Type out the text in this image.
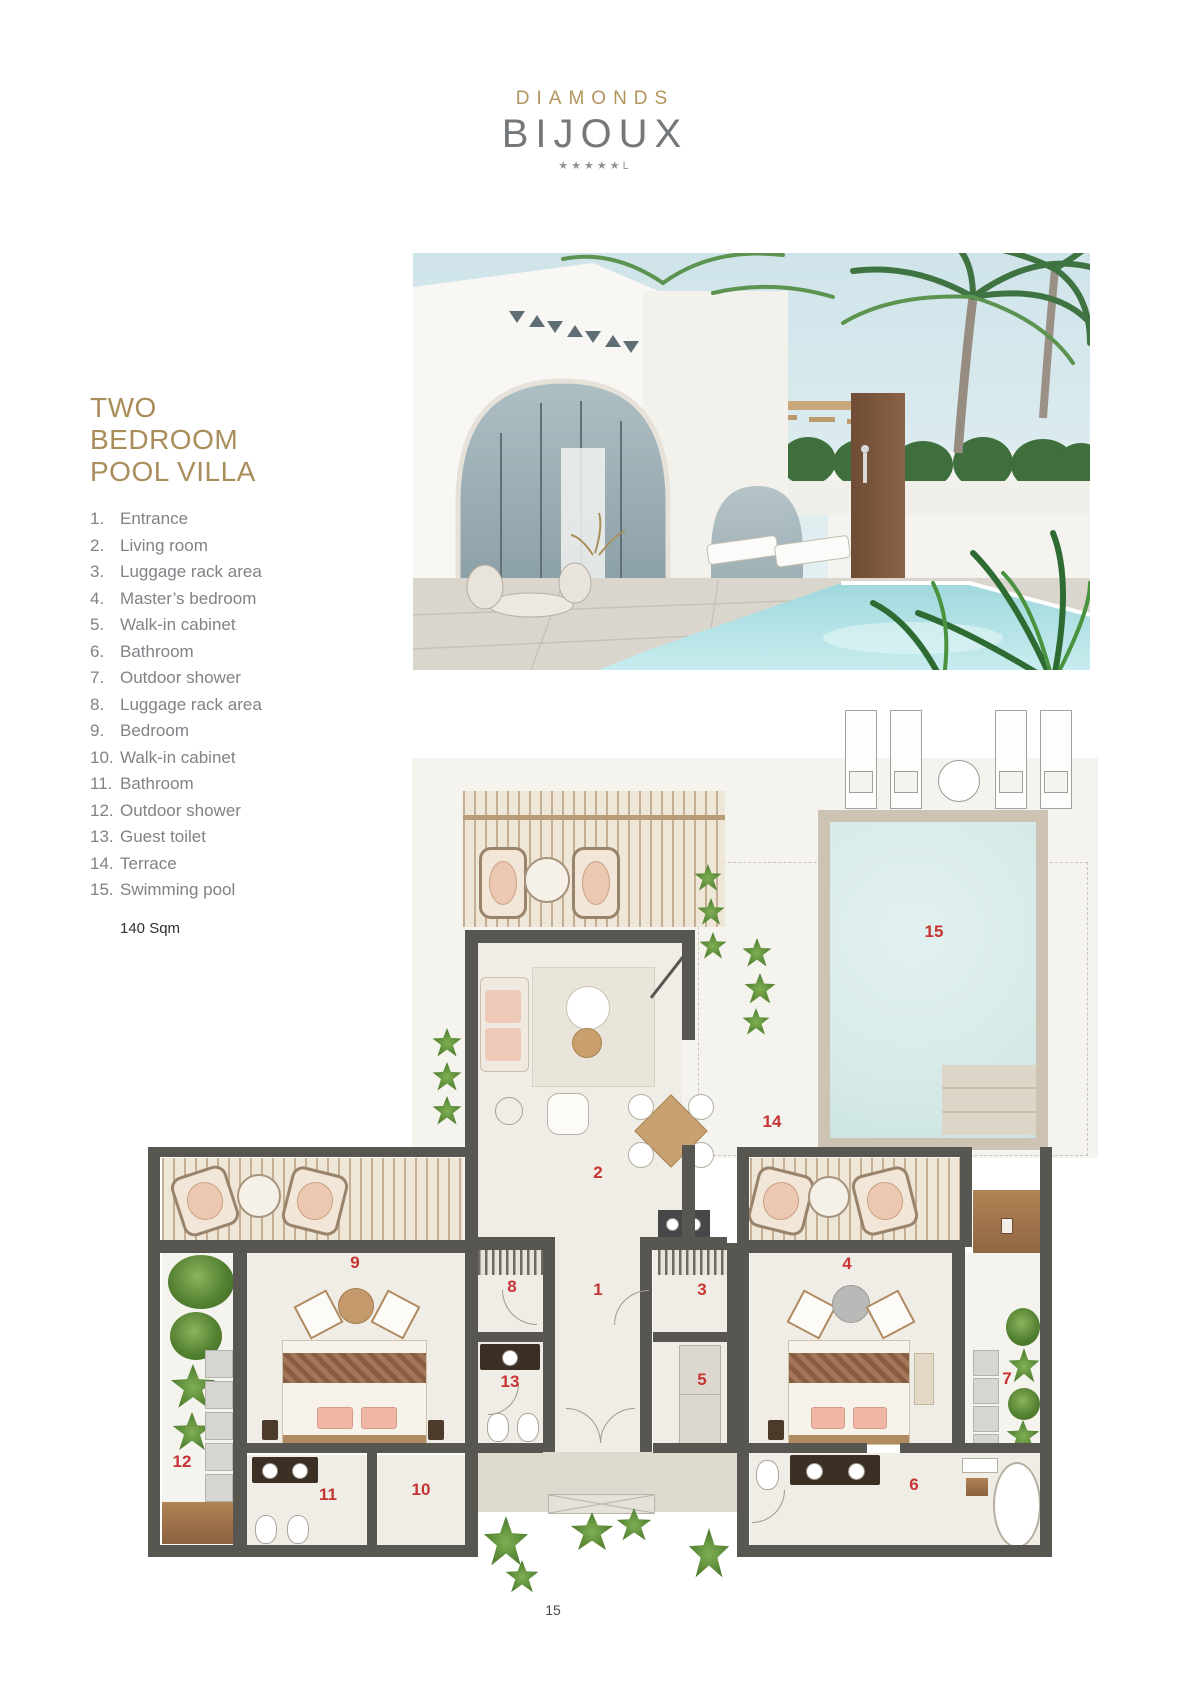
DIAMONDS
BIJOUX
★★★★★L
TWO
BEDROOM
POOL VILLA
1. Entrance
2. Living room
3. Luggage rack area
4. Master’s bedroom
5. Walk-in cabinet
6. Bathroom
7. Outdoor shower
8. Luggage rack area
9. Bedroom
10. Walk-in cabinet
11. Bathroom
12. Outdoor shower
13. Guest toilet
14. Terrace
15. Swimming pool
140 Sqm
1
2
3
4
5
6
7
8
9
10
11
12
13
14
15
15
